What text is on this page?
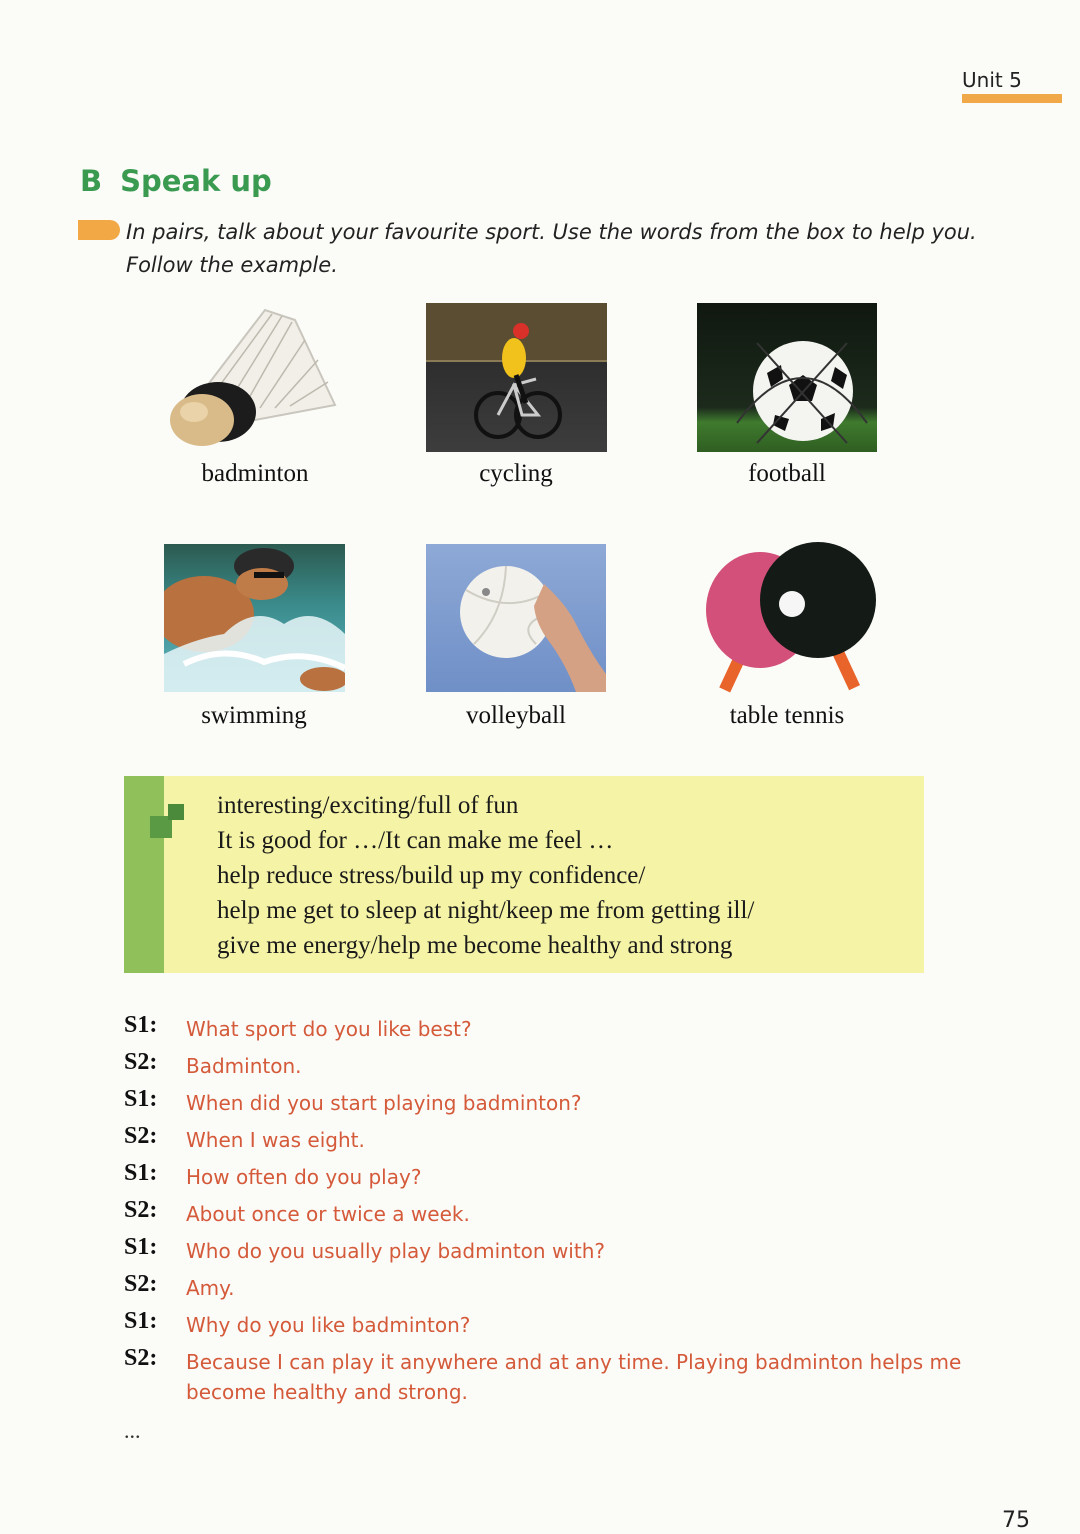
Unit 5
B Speak up
In pairs, talk about your favourite sport. Use the words from the box to help you.
Follow the example.
badminton	cycling	football
swimming	volleyball	table tennis
interesting/exciting/full of fun
It is good for …/It can make me feel …
help reduce stress/build up my confidence/
help me get to sleep at night/keep me from getting ill/
give me energy/help me become healthy and strong
S1: What sport do you like best?
S2: Badminton.
S1: When did you start playing badminton?
S2: When I was eight.
S1: How often do you play?
S2: About once or twice a week.
S1: Who do you usually play badminton with?
S2: Amy.
S1: Why do you like badminton?
S2: Because I can play it anywhere and at any time. Playing badminton helps me become healthy and strong.
...
75
